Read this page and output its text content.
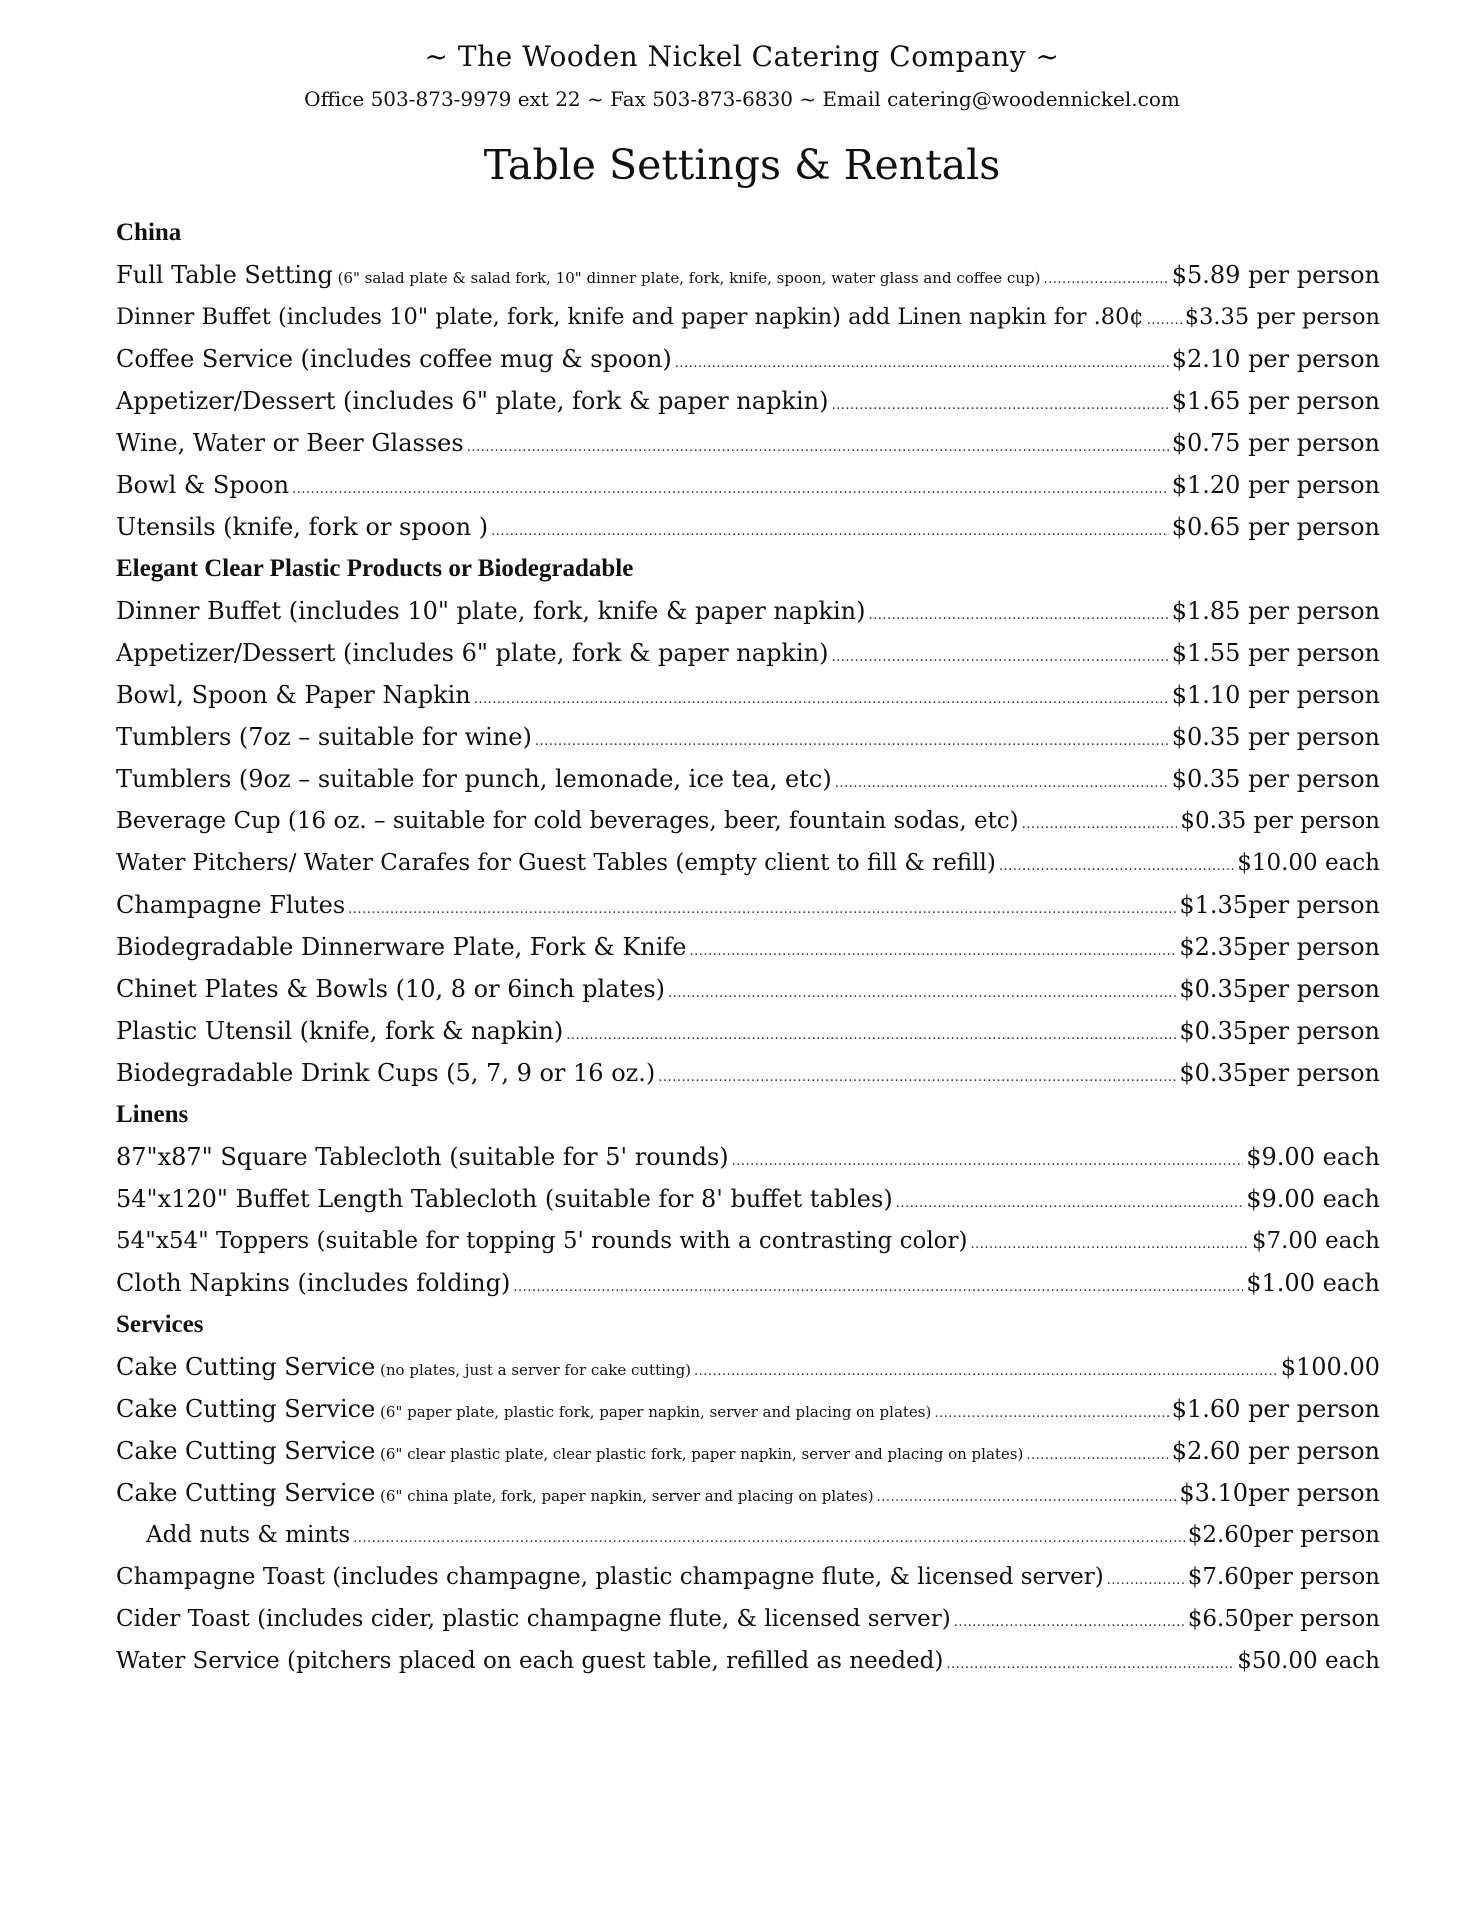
~ The Wooden Nickel Catering Company ~
Office 503-873-9979 ext 22 ~ Fax 503-873-6830 ~ Email catering@woodennickel.com
Table Settings & Rentals
China
Full Table Setting (6" salad plate & salad fork, 10" dinner plate, fork, knife, spoon, water glass and coffee cup) .....	$5.89 per person
Dinner Buffet (includes 10" plate, fork, knife and paper napkin) add Linen napkin for .80¢ ..... $3.35 per person
Coffee Service (includes coffee mug & spoon) .....	$2.10 per person
Appetizer/Dessert (includes 6" plate, fork & paper napkin) .....	$1.65 per person
Wine, Water or Beer Glasses .....	$0.75 per person
Bowl & Spoon .....	$1.20 per person
Utensils (knife, fork or spoon ) .....	$0.65 per person
Elegant Clear Plastic Products or Biodegradable
Dinner Buffet (includes 10" plate, fork, knife & paper napkin) .....	$1.85 per person
Appetizer/Dessert (includes 6" plate, fork & paper napkin) .....	$1.55 per person
Bowl, Spoon & Paper Napkin .....	$1.10 per person
Tumblers (7oz – suitable for wine) .....	$0.35 per person
Tumblers (9oz – suitable for punch, lemonade, ice tea, etc) .....	$0.35 per person
Beverage Cup (16 oz. – suitable for cold beverages, beer, fountain sodas, etc) .....	$0.35 per person
Water Pitchers/ Water Carafes for Guest Tables (empty client to fill & refill) .....	$10.00 each
Champagne Flutes .....	$1.35per person
Biodegradable Dinnerware Plate, Fork & Knife .....	$2.35per person
Chinet Plates & Bowls (10, 8 or 6inch plates) .....	$0.35per person
Plastic Utensil (knife, fork & napkin) .....	$0.35per person
Biodegradable Drink Cups (5, 7, 9 or 16 oz.) .....	$0.35per person
Linens
87"x87" Square Tablecloth (suitable for 5' rounds) .....	$9.00 each
54"x120" Buffet Length Tablecloth (suitable for 8' buffet tables) .....	$9.00 each
54"x54" Toppers (suitable for topping 5' rounds with a contrasting color) .....	$7.00 each
Cloth Napkins (includes folding) .....	$1.00 each
Services
Cake Cutting Service (no plates, just a server for cake cutting) .....	$100.00
Cake Cutting Service (6" paper plate, plastic fork, paper napkin, server and placing on plates) .....	$1.60 per person
Cake Cutting Service (6" clear plastic plate, clear plastic fork, paper napkin, server and placing on plates) .....	$2.60 per person
Cake Cutting Service (6" china plate, fork, paper napkin, server and placing on plates) .....	$3.10per person
Add nuts & mints .....	$2.60per person
Champagne Toast (includes champagne, plastic champagne flute, & licensed server) .....	$7.60per person
Cider Toast (includes cider, plastic champagne flute, & licensed server) .....	$6.50per person
Water Service (pitchers placed on each guest table, refilled as needed) .....	$50.00 each
